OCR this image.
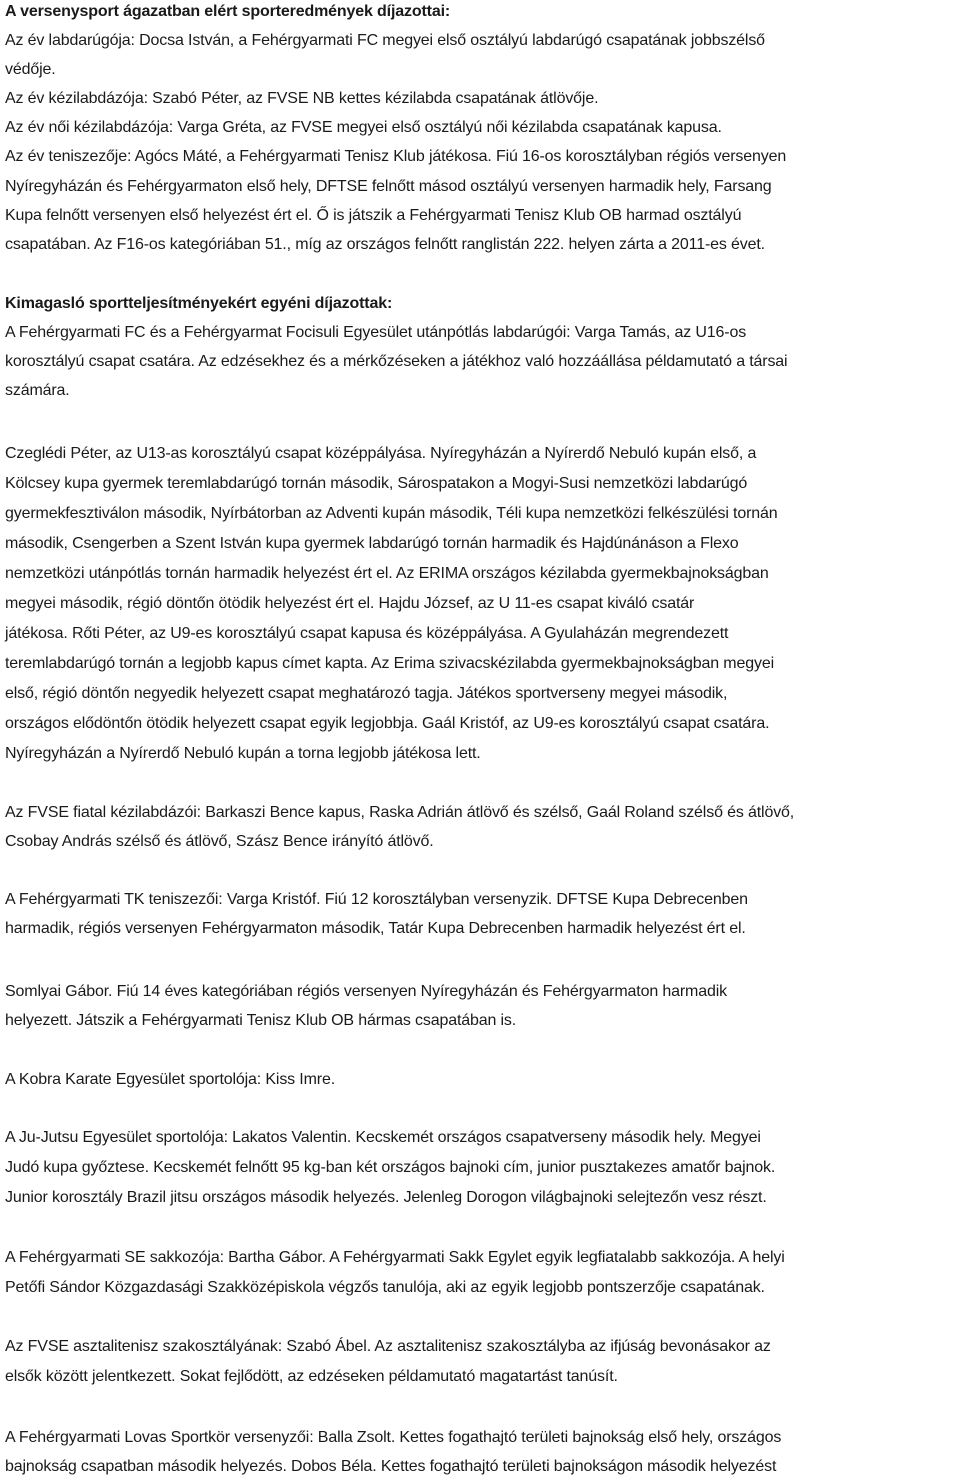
A versenysport ágazatban elért sporteredmények díjazottai:
Az év labdarúgója: Docsa István, a Fehérgyarmati FC megyei első osztályú labdarúgó csapatának jobbszélső
védője.
Az év kézilabdázója: Szabó Péter, az FVSE NB kettes kézilabda csapatának átlövője.
Az év női kézilabdázója: Varga Gréta, az FVSE megyei első osztályú női kézilabda csapatának kapusa.
Az év teniszezője: Agócs Máté, a Fehérgyarmati Tenisz Klub játékosa. Fiú 16-os korosztályban régiós versenyen
Nyíregyházán és Fehérgyarmaton első hely, DFTSE felnőtt másod osztályú versenyen harmadik hely, Farsang
Kupa felnőtt versenyen első helyezést ért el. Ő is játszik a Fehérgyarmati Tenisz Klub OB harmad osztályú
csapatában. Az F16-os kategóriában 51., míg az országos felnőtt ranglistán 222. helyen zárta a 2011-es évet.
Kimagasló sportteljesítményekért egyéni díjazottak:
A Fehérgyarmati FC és a Fehérgyarmat Focisuli Egyesület utánpótlás labdarúgói: Varga Tamás, az U16-os
korosztályú csapat csatára. Az edzésekhez és a mérkőzéseken a játékhoz való hozzáállása példamutató a társai
számára.
Czeglédi Péter, az U13-as korosztályú csapat középpályása. Nyíregyházán a Nyírerdő Nebuló kupán első, a
Kölcsey kupa gyermek teremlabdarúgó tornán második, Sárospatakon a Mogyi-Susi nemzetközi labdarúgó
gyermekfesztiválon második, Nyírbátorban az Adventi kupán második, Téli kupa nemzetközi felkészülési tornán
második, Csengerben a Szent István kupa gyermek labdarúgó tornán harmadik és Hajdúnánáson a Flexo
nemzetközi utánpótlás tornán harmadik helyezést ért el. Az ERIMA országos kézilabda gyermekbajnokságban
megyei második, régió döntőn ötödik helyezést ért el. Hajdu József, az U 11-es csapat kiváló csatár
játékosa. Rőti Péter, az U9-es korosztályú csapat kapusa és középpályása. A Gyulaházán megrendezett
teremlabdarúgó tornán a legjobb kapus címet kapta. Az Erima szivacskézilabda gyermekbajnokságban megyei
első, régió döntőn negyedik helyezett csapat meghatározó tagja. Játékos sportverseny megyei második,
országos elődöntőn ötödik helyezett csapat egyik legjobbja. Gaál Kristóf, az U9-es korosztályú csapat csatára.
Nyíregyházán a Nyírerdő Nebuló kupán a torna legjobb játékosa lett.
Az FVSE fiatal kézilabdázói: Barkaszi Bence kapus, Raska Adrián átlövő és szélső, Gaál Roland szélső és átlövő,
Csobay András szélső és átlövő, Szász Bence irányító átlövő.
A Fehérgyarmati TK teniszezői: Varga Kristóf. Fiú 12 korosztályban versenyzik. DFTSE Kupa Debrecenben
harmadik, régiós versenyen Fehérgyarmaton második, Tatár Kupa Debrecenben harmadik helyezést ért el.
Somlyai Gábor. Fiú 14 éves kategóriában régiós versenyen Nyíregyházán és Fehérgyarmaton harmadik
helyezett. Játszik a Fehérgyarmati Tenisz Klub OB hármas csapatában is.
A Kobra Karate Egyesület sportolója: Kiss Imre.
A Ju-Jutsu Egyesület sportolója: Lakatos Valentin. Kecskemét országos csapatverseny második hely. Megyei
Judó kupa győztese. Kecskemét felnőtt 95 kg-ban két országos bajnoki cím, junior pusztakezes amatőr bajnok.
Junior korosztály Brazil jitsu országos második helyezés. Jelenleg Dorogon világbajnoki selejtezőn vesz részt.
A Fehérgyarmati SE sakkozója: Bartha Gábor. A Fehérgyarmati Sakk Egylet egyik legfiatalabb sakkozója. A helyi
Petőfi Sándor Közgazdasági Szakközépiskola végzős tanulója, aki az egyik legjobb pontszerzője csapatának.
Az FVSE asztalitenisz szakosztályának: Szabó Ábel. Az asztalitenisz szakosztályba az ifjúság bevonásakor az
elsők között jelentkezett. Sokat fejlődött, az edzéseken példamutató magatartást tanúsít.
A Fehérgyarmati Lovas Sportkör versenyzői: Balla Zsolt. Kettes fogathajtó területi bajnokság első hely, országos
bajnokság csapatban második helyezés. Dobos Béla. Kettes fogathajtó területi bajnokságon második helyezést
